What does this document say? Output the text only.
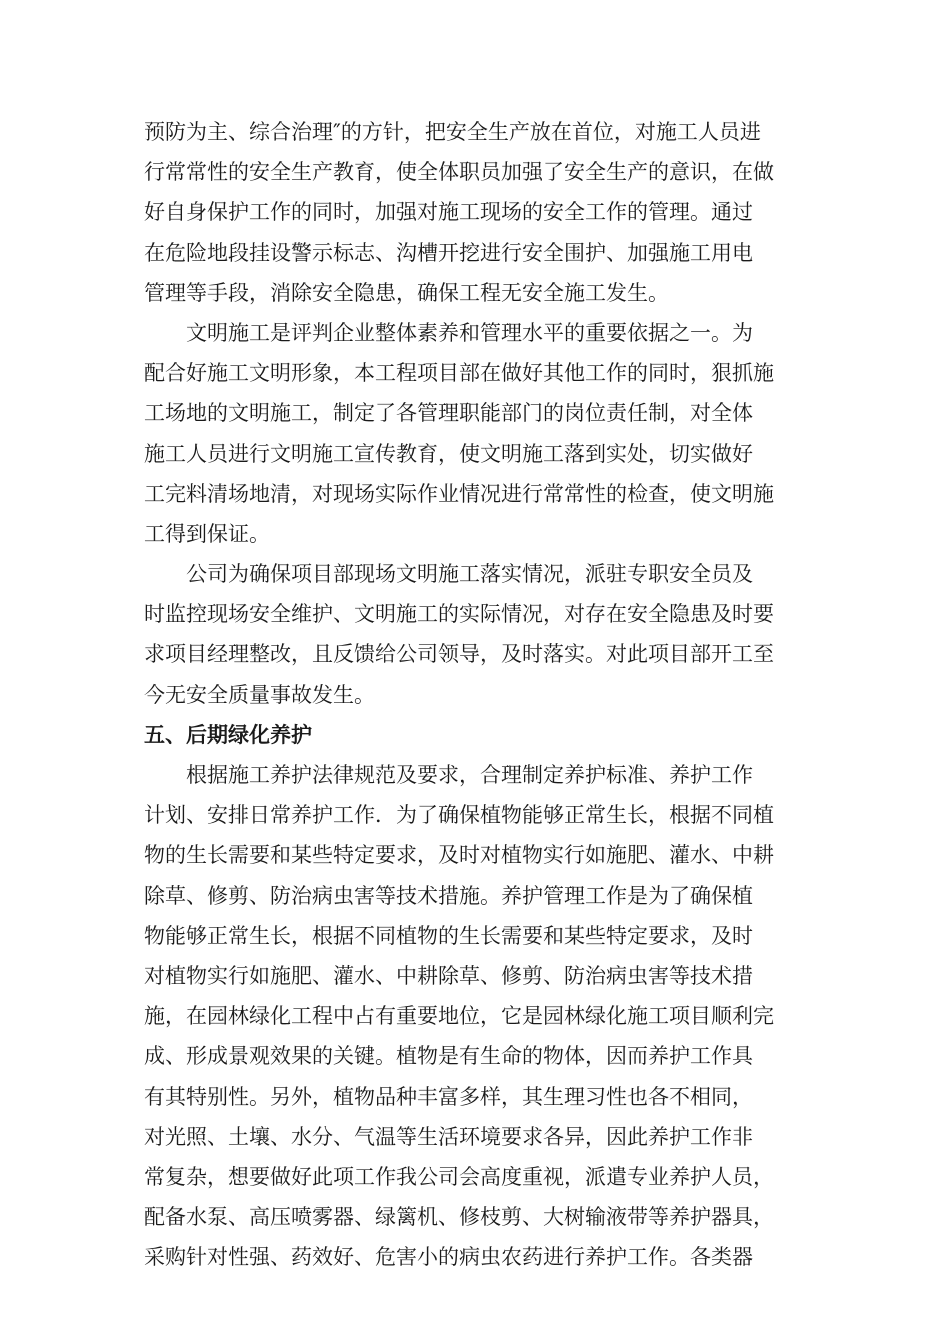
预防为主、综合治理″的方针，把安全生产放在首位，对施工人员进
行常常性的安全生产教育，使全体职员加强了安全生产的意识，在做
好自身保护工作的同时，加强对施工现场的安全工作的管理。通过
在危险地段挂设警示标志、沟槽开挖进行安全围护、加强施工用电
管理等手段，消除安全隐患，确保工程无安全施工发生。
　　文明施工是评判企业整体素养和管理水平的重要依据之一。为
配合好施工文明形象，本工程项目部在做好其他工作的同时，狠抓施
工场地的文明施工，制定了各管理职能部门的岗位责任制，对全体
施工人员进行文明施工宣传教育，使文明施工落到实处，切实做好
工完料清场地清，对现场实际作业情况进行常常性的检查，使文明施
工得到保证。
　　公司为确保项目部现场文明施工落实情况，派驻专职安全员及
时监控现场安全维护、文明施工的实际情况，对存在安全隐患及时要
求项目经理整改，且反馈给公司领导，及时落实。对此项目部开工至
今无安全质量事故发生。
五、后期绿化养护
　　根据施工养护法律规范及要求，合理制定养护标准、养护工作
计划、安排日常养护工作．为了确保植物能够正常生长，根据不同植
物的生长需要和某些特定要求，及时对植物实行如施肥、灌水、中耕
除草、修剪、防治病虫害等技术措施。养护管理工作是为了确保植
物能够正常生长，根据不同植物的生长需要和某些特定要求，及时
对植物实行如施肥、灌水、中耕除草、修剪、防治病虫害等技术措
施，在园林绿化工程中占有重要地位，它是园林绿化施工项目顺利完
成、形成景观效果的关键。植物是有生命的物体，因而养护工作具
有其特别性。另外，植物品种丰富多样，其生理习性也各不相同，
对光照、土壤、水分、气温等生活环境要求各异，因此养护工作非
常复杂，想要做好此项工作我公司会高度重视，派遣专业养护人员，
配备水泵、高压喷雾器、绿篱机、修枝剪、大树输液带等养护器具，
采购针对性强、药效好、危害小的病虫农药进行养护工作。各类器
